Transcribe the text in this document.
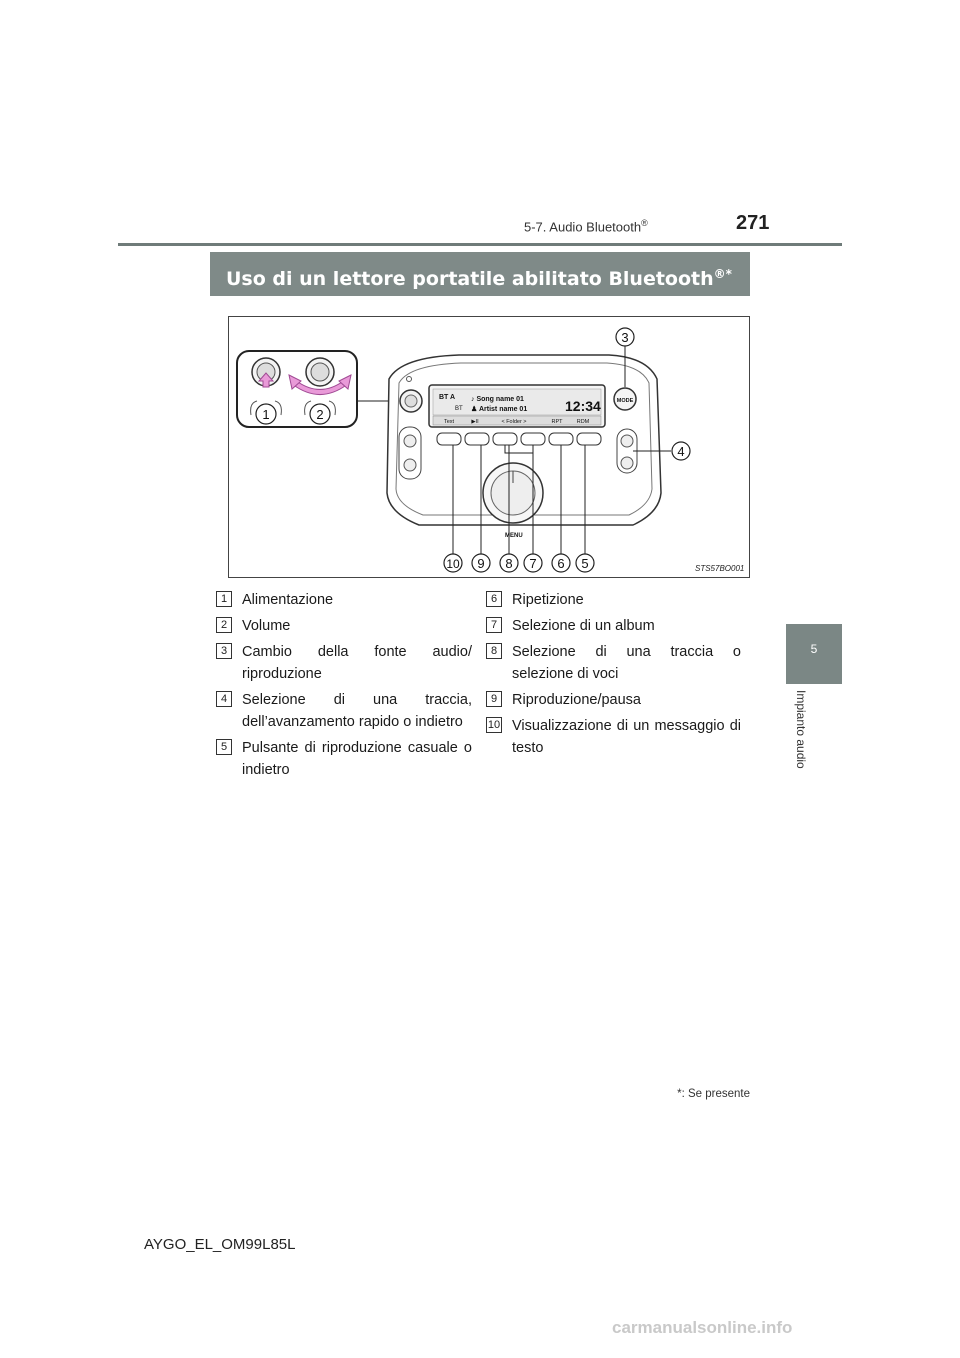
5-7. Audio Bluetooth®	271
5
Impianto audio
Uso di un lettore portatile abilitato Bluetooth®*
1	2
BT A
BT
♪ Song name 01
♟ Artist name 01	12:34
Text	▶II	< Folder >	RPT	RDM
MODE
MENU
3
4
10 9 8 7 6 5	STS57BO001
1	Alimentazione
2	Volume
3	Cambio della fonte audio/ riproduzione
4	Selezione di una traccia, dell’avanzamento rapido o indietro
5	Pulsante di riproduzione casuale o indietro
6	Ripetizione
7	Selezione di un album
8	Selezione di una traccia o selezione di voci
9	Riproduzione/pausa
10 Visualizzazione di un messaggio di testo
*: Se presente
AYGO_EL_OM99L85L
carmanualsonline.info
